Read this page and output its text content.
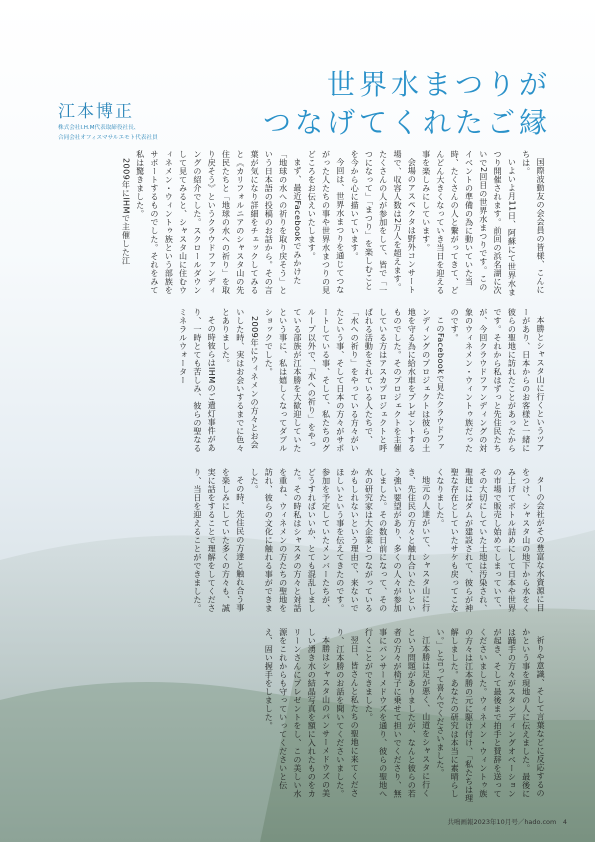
世界水まつりが
つなげてくれたご縁
江本博正
株式会社I.H.M代表取締役社長、
合同会社オフィスマサルエモト代表社員

国際波動友の会会員の皆様、こんにちは。

いよいよ月11日、阿蘇にて世界水まつり開催されます。前回の浜名湖に次いで2回目の世界水まつりです。このイベントの準備の為に動いていた当時、たくさんの人と繋がってきて、どんどん大きくなっていき当日を迎える事を楽しみにしています。

会場のアスペクタは野外コンサート場で、収容人数は2万人を超えます。たくさんの人が参加をして、皆で「一つになって」「まつり」を楽しむことを今から心に描いています。

今回は、世界水まつりを通じてつながった人たちの事や世界水まつりの見どころをお伝えいたします。

まず、最近Facebookでみかけた「地球の水への祈りを取り戻そう」という日本語の投稿のお話から。その言葉が気になり詳細をチェックしてみると《カリフォルニアのシャスタ山の先住民たちと「地球の水への祈り」を取り戻そう》というクラウドファンディングの紹介でした。スクロールダウンして見てみると、シャスタ山に住むウィネメン・ウィントゥ族という部族をサポートするものでした。それをみて私は驚きました。

2009年にIHMで主催した江

本勝とシャスタ山に行くというツアーがあり、日本からのお客様と一緒に彼らの聖地に訪れたことがあったからです。それから私はずっと先住民たちが、今回クラウドファンディングの対象のウィネメン・ウィントゥ族だったのです。

このFacebookで見たクラウドファンディングのプロジェクトは彼らの土地を守る為に給水車をプレゼントするものでした。そのプロジェクトを主催している方はアスカプロジェクトと呼ばれる活動をされている人たちで、「水への祈り」をやっている方々がいたという事、そして日本の方々がサポートしている事、そして、私たちのグループ以外で、「水への祈り」をやっている部族が江本勝を大歓迎していたという事に、私は嬉しくなってダブルショックでした。

2009年にウィネメンの方々とお会いした時、実はお会いするまでに色々とありました。

その時彼らはIHMのご遺灯事件があり、一時とても苦しみ、彼らの聖なるミネラルウォーター

ターの会社がその豊富な水資源に目をつけ、シャスタ山の地下から水をくみ上げてボトル詰めにして日本や世界の市場で販売し始めてしまっていて、その大切にしていた土地は汚染され、聖地にはダムが建設されて、彼らが神聖な存在としていたサケも戻ってこなくなりました。

地元の人達がいて、シャスタ山に行き、先住民の方々と触れ合いたいという強い要望があり、多くの人々が参加しました。その数日前になって、その水の研究家は大企業とつながっているかもしれないという理由で、来ないでほしいという事を伝えてきたのです。参加を予定していたメンバーたちが、どうすればいいか、とても混乱しました。その時私はシャスタの方々と対話を重ね、ウィネメンの方たちの聖地を訪れ、彼らの文化に触れる事ができました。

その時、先住民の方達と触れ合う事を楽しみにしていた多くの方々も、誠実に話をすることで理解をしてくださり、当日を迎えることができました。

祈りや意識、そして言葉などに反応するのかという事を現地の人に伝えました。最後には踊手の方々がスタンディングオベーションが起き、そして最後まで拍手と賛辞を送ってくださいました。ウィネメン・ウィントゥ族の方々は江本勝の元に駆け付け、「私たちは理解しました。あなたの研究は本当に素晴らしい。」と言って喜んでくださいました。

江本勝は足が悪く、山道をシャスタに行くという問題がありましたが、なんと彼らの若者の方々が椅子に乗せて担いでくださり、無事にパンサーメドウズを通り、彼らの聖地へ行くことができました。

翌日、皆さんと私たちの聖地に来てくださり、江本勝のお話を聞いてくださいました。

本勝はシャスタ山のパンサーメドウズの美しい湧き水の結晶写真を額に入れたものをカリーンさんにプレゼントをし、この美しい水源をこれからも守っていってくださいと伝え、固い握手をしました。

共鳴画報2023年10月号／hado.com　4
